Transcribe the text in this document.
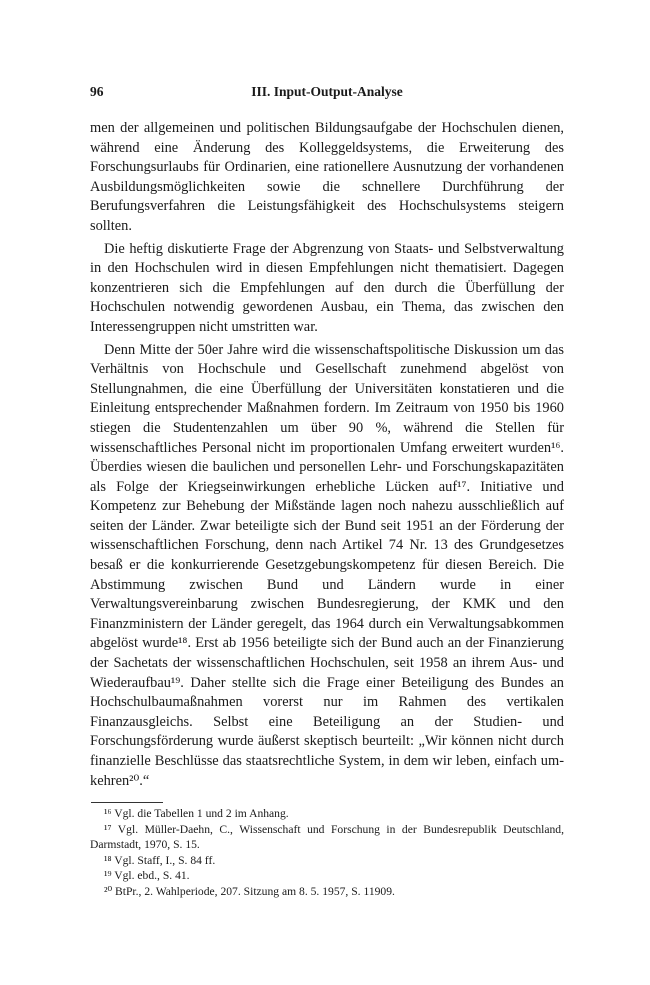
III. Input-Output-Analyse
96

men der allgemeinen und politischen Bildungsaufgabe der Hochschulen dienen, während eine Änderung des Kolleggeldsystems, die Erweiterung des Forschungsurlaubs für Ordinarien, eine rationellere Ausnutzung der vorhandenen Ausbildungsmöglichkeiten sowie die schnellere Durchführung der Berufungsverfahren die Leistungsfähigkeit des Hochschulsystems steigern sollten.

Die heftig diskutierte Frage der Abgrenzung von Staats- und Selbstverwaltung in den Hochschulen wird in diesen Empfehlungen nicht thematisiert. Dagegen konzentrieren sich die Empfehlungen auf den durch die Überfüllung der Hochschulen notwendig gewordenen Ausbau, ein Thema, das zwischen den Interessengruppen nicht umstritten war.

Denn Mitte der 50er Jahre wird die wissenschaftspolitische Diskussion um das Verhältnis von Hochschule und Gesellschaft zunehmend abgelöst von Stellungnahmen, die eine Überfüllung der Universitäten konstatieren und die Einleitung entsprechender Maßnahmen fordern. Im Zeitraum von 1950 bis 1960 stiegen die Studentenzahlen um über 90 %, während die Stellen für wissenschaftliches Personal nicht im proportionalen Umfang erweitert wurden¹⁶. Überdies wiesen die baulichen und personellen Lehr- und Forschungskapazitäten als Folge der Kriegseinwirkungen erhebliche Lücken auf¹⁷. Initiative und Kompetenz zur Behebung der Mißstände lagen noch nahezu ausschließlich auf seiten der Länder. Zwar beteiligte sich der Bund seit 1951 an der Förderung der wissenschaftlichen Forschung, denn nach Artikel 74 Nr. 13 des Grundgesetzes besaß er die konkurrierende Gesetzgebungskompetenz für diesen Bereich. Die Abstimmung zwischen Bund und Ländern wurde in einer Verwaltungsvereinbarung zwischen Bundesregierung, der KMK und den Finanzministern der Länder geregelt, das 1964 durch ein Verwaltungsabkommen abgelöst wurde¹⁸. Erst ab 1956 beteiligte sich der Bund auch an der Finanzierung der Sachetats der wissenschaftlichen Hochschulen, seit 1958 an ihrem Aus- und Wiederaufbau¹⁹. Daher stellte sich die Frage einer Beteiligung des Bundes an Hochschulbaumaßnahmen vorerst nur im Rahmen des vertikalen Finanzausgleichs. Selbst eine Beteiligung an der Studien- und Forschungsförderung wurde äußerst skeptisch beurteilt: „Wir können nicht durch finanzielle Beschlüsse das staatsrechtliche System, in dem wir leben, einfach umkehren²⁰.“

¹⁶ Vgl. die Tabellen 1 und 2 im Anhang.

¹⁷ Vgl. Müller-Daehn, C., Wissenschaft und Forschung in der Bundesrepublik Deutschland, Darmstadt, 1970, S. 15.

¹⁸ Vgl. Staff, I., S. 84 ff.

¹⁹ Vgl. ebd., S. 41.

²⁰ BtPr., 2. Wahlperiode, 207. Sitzung am 8. 5. 1957, S. 11909.
